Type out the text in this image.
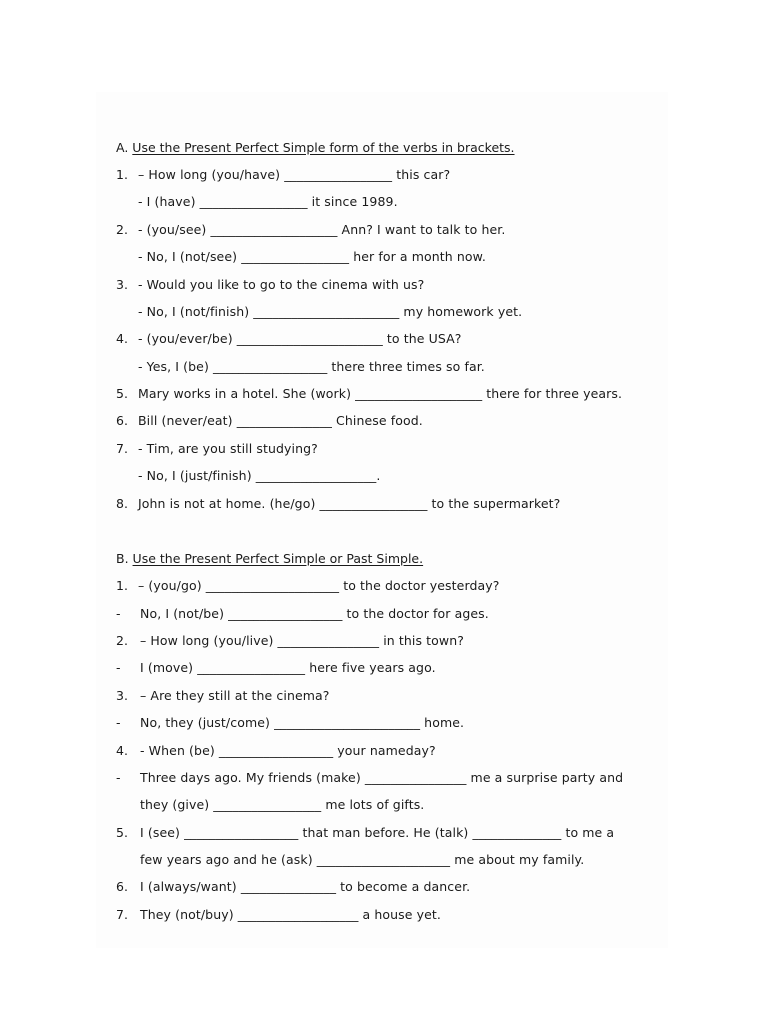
A. Use the Present Perfect Simple form of the verbs in brackets.
1. – How long (you/have) _________________ this car?
- I (have) _________________ it since 1989.
2. - (you/see) ____________________ Ann? I want to talk to her.
- No, I (not/see) _________________ her for a month now.
3. - Would you like to go to the cinema with us?
- No, I (not/finish) _______________________ my homework yet.
4. - (you/ever/be) _______________________ to the USA?
- Yes, I (be) __________________ there three times so far.
5. Mary works in a hotel. She (work) ____________________ there for three years.
6. Bill (never/eat) _______________ Chinese food.
7. - Tim, are you still studying?
- No, I (just/finish) ___________________.
8. John is not at home. (he/go) _________________ to the supermarket?
B. Use the Present Perfect Simple or Past Simple.
1. – (you/go) _____________________ to the doctor yesterday?
- No, I (not/be) __________________ to the doctor for ages.
2. – How long (you/live) ________________ in this town?
- I (move) _________________ here five years ago.
3. – Are they still at the cinema?
- No, they (just/come) _______________________ home.
4. - When (be) __________________ your nameday?
- Three days ago. My friends (make) ________________ me a surprise party and
they (give) _________________ me lots of gifts.
5. I (see) __________________ that man before. He (talk) ______________ to me a
few years ago and he (ask) _____________________ me about my family.
6. I (always/want) _______________ to become a dancer.
7. They (not/buy) ___________________ a house yet.
